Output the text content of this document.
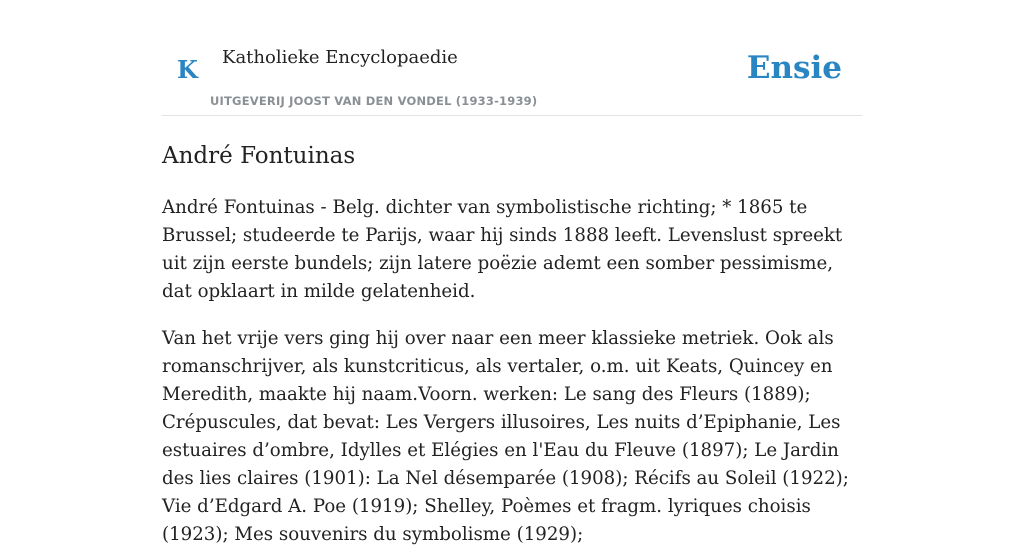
K Katholieke Encyclopaedie
UITGEVERIJ JOOST VAN DEN VONDEL (1933-1939)
Ensie
André Fontuinas

André Fontuinas - Belg. dichter van symbolistische richting; * 1865 te Brussel; studeerde te Parijs, waar hij sinds 1888 leeft. Levenslust spreekt uit zijn eerste bundels; zijn latere poëzie ademt een somber pessimisme, dat opklaart in milde gelatenheid.

Van het vrije vers ging hij over naar een meer klassieke metriek. Ook als romanschrijver, als kunstcriticus, als vertaler, o.m. uit Keats, Quincey en Meredith, maakte hij naam.Voorn. werken: Le sang des Fleurs (1889); Crépuscules, dat bevat: Les Vergers illusoires, Les nuits d’Epiphanie, Les estuaires d’ombre, Idylles et Elégies en l'Eau du Fleuve (1897); Le Jardin des lies claires (1901): La Nel désemparée (1908); Récifs au Soleil (1922); Vie d’Edgard A. Poe (1919); Shelley, Poèmes et fragm. lyriques choisis (1923); Mes souvenirs du symbolisme (1929);
